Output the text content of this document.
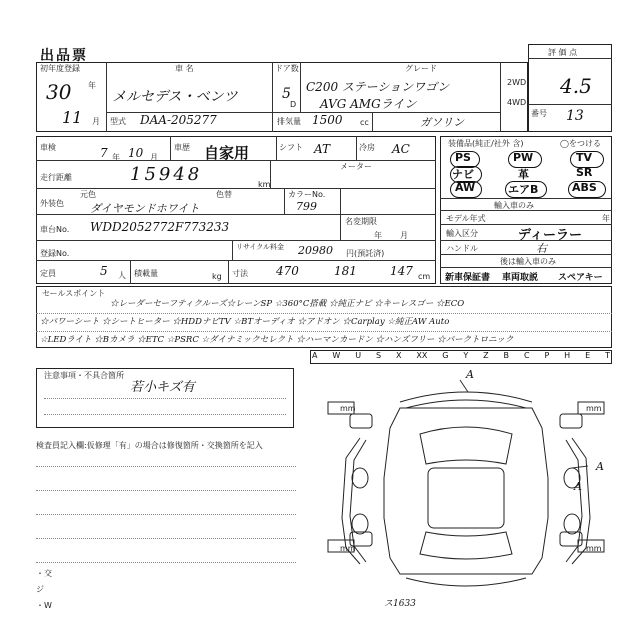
出品票
初年度登録
30 年
11 月
車 名
メルセデス・ベンツ
ドア数
5
D
グレード
C200 ステーションワゴン
AVG AMGライン
2WD
4WD
型式 DAA-205277	排気量 1500 cc	ガソリン
評 価 点
4.5
番号 13
車検	7 年 10 月
車歴 自家用	シフト AT	冷房 AC
メーター
走行距離	15948	km
外装色
元色	色替
ダイヤモンドホワイト
カラーNo.
799
車台No. WDD2052772F773233	名変期限
年 月
登録No.
リサイクル料金 20980 円(預託済)
定員	5 人 積載量	kg 寸法 470	181	147 cm
装備品(純正/社外 含)	◯をつける
PS	PW	TV
ナビ	革	SR
AW	エアB	ABS
輸入車のみ
モデル年式	年
輸入区分	ディーラー
ハンドル	右
後は輸入車のみ
新車保証書 車両取説 スペアキー
セールスポイント
☆レーダーセーフティクルーズ☆レーンSP ☆360°C搭載 ☆純正ナビ ☆キーレスゴー ☆ECO
☆パワーシート ☆シートヒーター ☆HDDナビTV ☆BTオーディオ ☆アドオン ☆Carplay ☆純正AW Auto
☆LEDライト ☆Bカメラ ☆ETC ☆PSRC ☆ダイナミックセレクト ☆ハーマンカードン ☆ハンズフリー ☆パークトロニック
A W U S X XX G Y Z B C P H E T
注意事項・不具合箇所
若小キズ有
検査員記入欄:仮修理「有」の場合は修復箇所・交換箇所を記入
・交
ジ
・W
A
A
A
mm	mm
mm	mm
ス1633
